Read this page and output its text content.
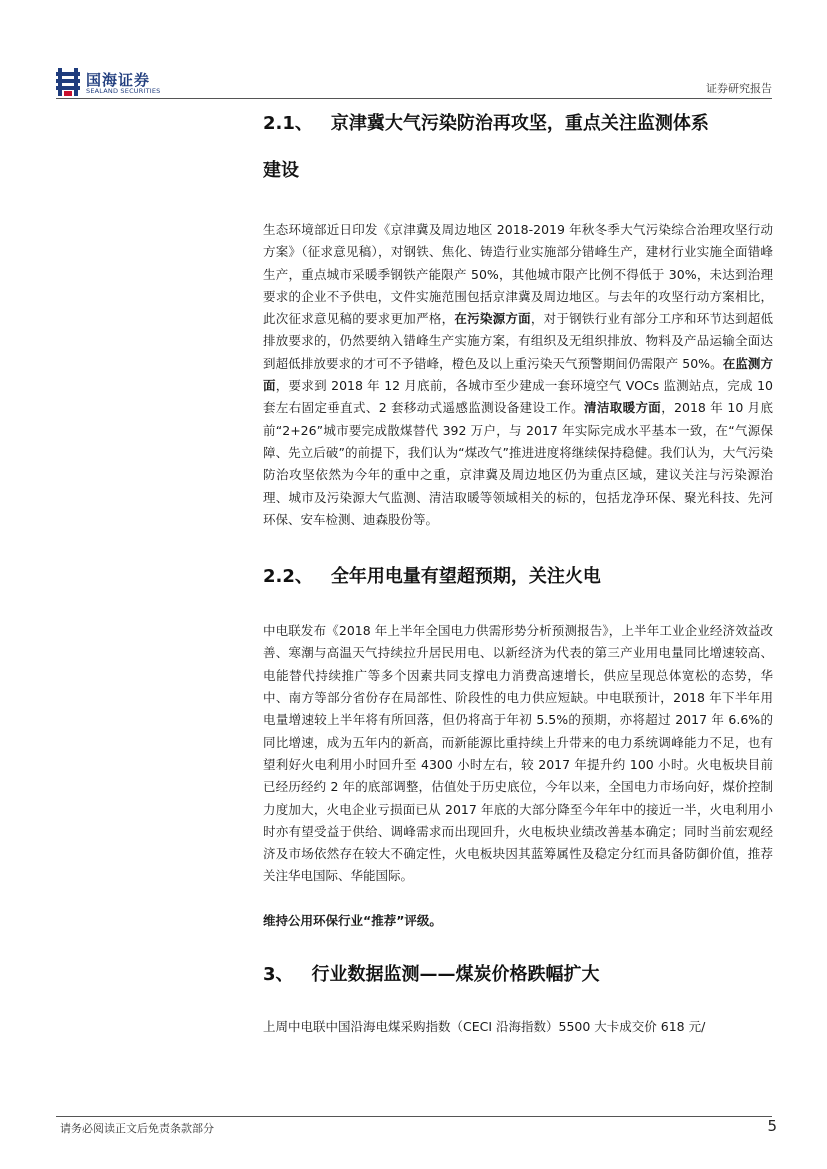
国海证券
SEALAND SECURITIES	证券研究报告
2.1、 京津冀大气污染防治再攻坚，重点关注监测体系
建设

生态环境部近日印发《京津冀及周边地区 2018-2019 年秋冬季大气污染综合治理攻坚行动方案》（征求意见稿），对钢铁、焦化、铸造行业实施部分错峰生产，建材行业实施全面错峰生产，重点城市采暖季钢铁产能限产 50%，其他城市限产比例不得低于 30%，未达到治理要求的企业不予供电，文件实施范围包括京津冀及周边地区。与去年的攻坚行动方案相比，此次征求意见稿的要求更加严格，在污染源方面，对于钢铁行业有部分工序和环节达到超低排放要求的，仍然要纳入错峰生产实施方案，有组织及无组织排放、物料及产品运输全面达到超低排放要求的才可不予错峰，橙色及以上重污染天气预警期间仍需限产 50%。在监测方面，要求到 2018 年 12 月底前，各城市至少建成一套环境空气 VOCs 监测站点，完成 10 套左右固定垂直式、2 套移动式遥感监测设备建设工作。清洁取暖方面，2018 年 10 月底前“2+26”城市要完成散煤替代 392 万户，与 2017 年实际完成水平基本一致，在“气源保障、先立后破”的前提下，我们认为“煤改气”推进进度将继续保持稳健。我们认为，大气污染防治攻坚依然为今年的重中之重，京津冀及周边地区仍为重点区域，建议关注与污染源治理、城市及污染源大气监测、清洁取暖等领域相关的标的，包括龙净环保、聚光科技、先河环保、安车检测、迪森股份等。

2.2、 全年用电量有望超预期，关注火电

中电联发布《2018 年上半年全国电力供需形势分析预测报告》，上半年工业企业经济效益改善、寒潮与高温天气持续拉升居民用电、以新经济为代表的第三产业用电量同比增速较高、电能替代持续推广等多个因素共同支撑电力消费高速增长，供应呈现总体宽松的态势，华中、南方等部分省份存在局部性、阶段性的电力供应短缺。中电联预计，2018 年下半年用电量增速较上半年将有所回落，但仍将高于年初 5.5%的预期，亦将超过 2017 年 6.6%的同比增速，成为五年内的新高，而新能源比重持续上升带来的电力系统调峰能力不足，也有望利好火电利用小时回升至 4300 小时左右，较 2017 年提升约 100 小时。火电板块目前已经历经约 2 年的底部调整，估值处于历史底位，今年以来，全国电力市场向好，煤价控制力度加大，火电企业亏损面已从 2017 年底的大部分降至今年年中的接近一半，火电利用小时亦有望受益于供给、调峰需求而出现回升，火电板块业绩改善基本确定；同时当前宏观经济及市场依然存在较大不确定性，火电板块因其蓝筹属性及稳定分红而具备防御价值，推荐关注华电国际、华能国际。

维持公用环保行业“推荐”评级。

3、 行业数据监测——煤炭价格跌幅扩大

上周中电联中国沿海电煤采购指数（CECI 沿海指数）5500 大卡成交价 618 元/

请务必阅读正文后免责条款部分	5
